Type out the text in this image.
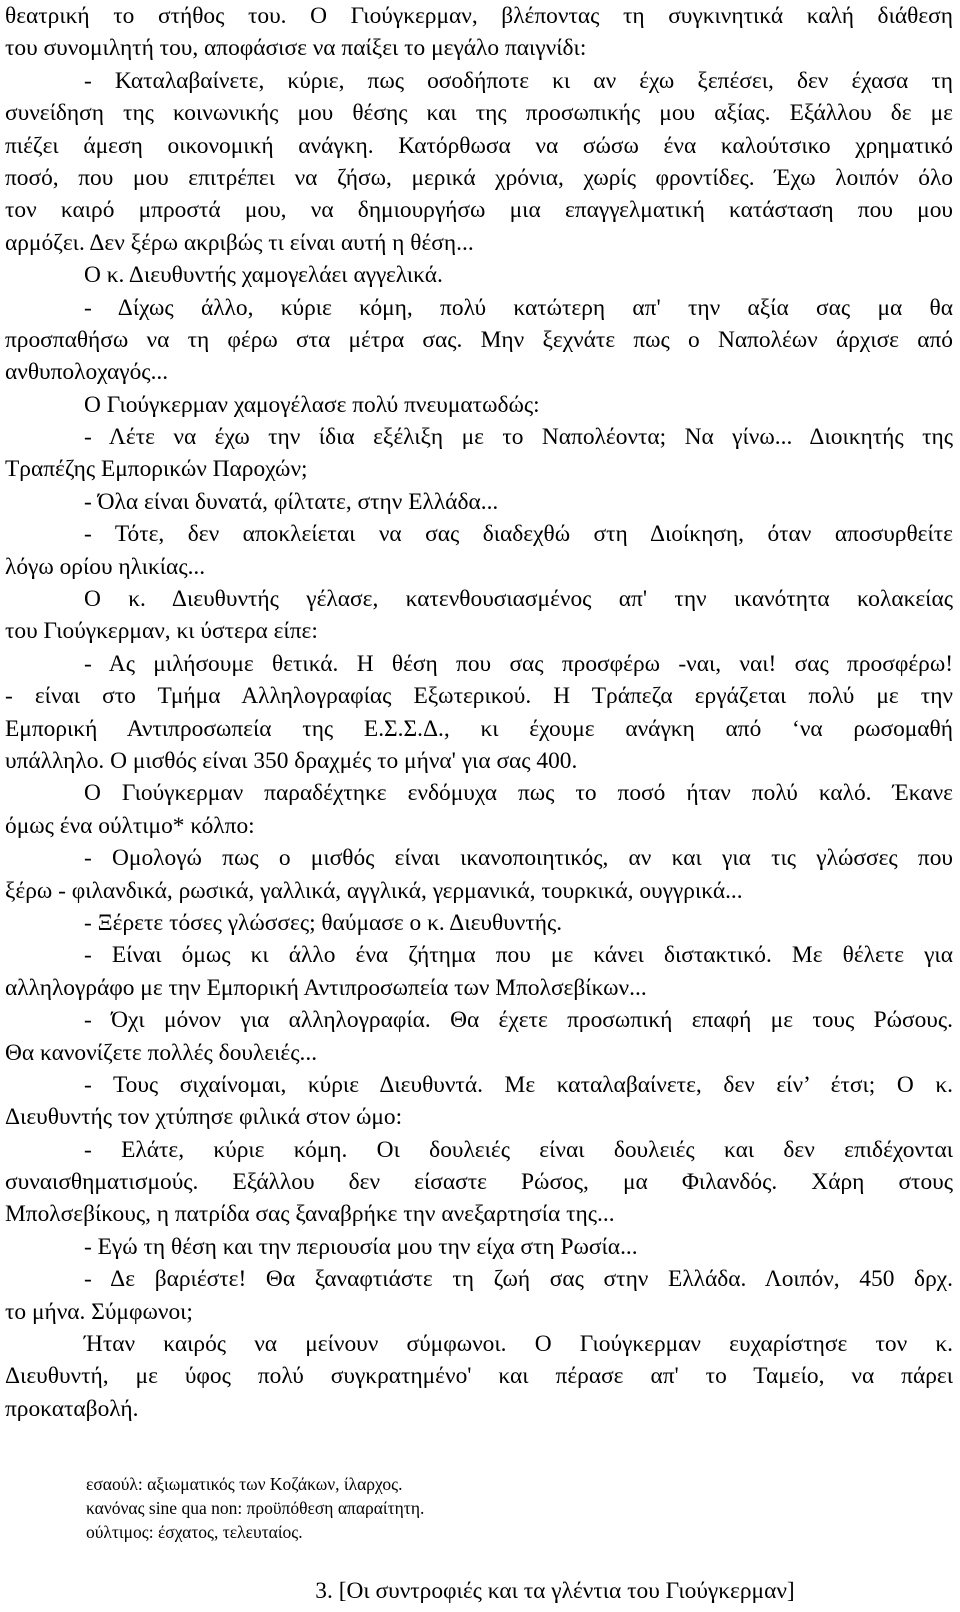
θεατρική το στήθος του. Ο Γιούγκερμαν, βλέποντας τη συγκινητικά καλή διάθεση
του συνομιλητή του, αποφάσισε να παίξει το μεγάλο παιγνίδι:
- Καταλαβαίνετε, κύριε, πως οσοδήποτε κι αν έχω ξεπέσει, δεν έχασα τη
συνείδηση της κοινωνικής μου θέσης και της προσωπικής μου αξίας. Εξάλλου δε με
πιέζει άμεση οικονομική ανάγκη. Κατόρθωσα να σώσω ένα καλούτσικο χρηματικό
ποσό, που μου επιτρέπει να ζήσω, μερικά χρόνια, χωρίς φροντίδες. Έχω λοιπόν όλο
τον καιρό μπροστά μου, να δημιουργήσω μια επαγγελματική κατάσταση που μου
αρμόζει. Δεν ξέρω ακριβώς τι είναι αυτή η θέση...
Ο κ. Διευθυντής χαμογελάει αγγελικά.
- Δίχως άλλο, κύριε κόμη, πολύ κατώτερη απ' την αξία σας μα θα
προσπαθήσω να τη φέρω στα μέτρα σας. Μην ξεχνάτε πως ο Ναπολέων άρχισε από
ανθυπολοχαγός...
Ο Γιούγκερμαν χαμογέλασε πολύ πνευματωδώς:
- Λέτε να έχω την ίδια εξέλιξη με το Ναπολέοντα; Να γίνω... Διοικητής της
Τραπέζης Εμπορικών Παροχών;
- Όλα είναι δυνατά, φίλτατε, στην Ελλάδα...
- Τότε, δεν αποκλείεται να σας διαδεχθώ στη Διοίκηση, όταν αποσυρθείτε
λόγω ορίου ηλικίας...
Ο κ. Διευθυντής γέλασε, κατενθουσιασμένος απ' την ικανότητα κολακείας
του Γιούγκερμαν, κι ύστερα είπε:
- Ας μιλήσουμε θετικά. Η θέση που σας προσφέρω -ναι, ναι! σας προσφέρω!
- είναι στο Τμήμα Αλληλογραφίας Εξωτερικού. Η Τράπεζα εργάζεται πολύ με την
Εμπορική Αντιπροσωπεία της Ε.Σ.Σ.Δ., κι έχουμε ανάγκη από ‘να ρωσομαθή
υπάλληλο. Ο μισθός είναι 350 δραχμές το μήνα' για σας 400.
Ο Γιούγκερμαν παραδέχτηκε ενδόμυχα πως το ποσό ήταν πολύ καλό. Έκανε
όμως ένα ούλτιμο* κόλπο:
- Ομολογώ πως ο μισθός είναι ικανοποιητικός, αν και για τις γλώσσες που
ξέρω - φιλανδικά, ρωσικά, γαλλικά, αγγλικά, γερμανικά, τουρκικά, ουγγρικά...
- Ξέρετε τόσες γλώσσες; θαύμασε ο κ. Διευθυντής.
- Είναι όμως κι άλλο ένα ζήτημα που με κάνει διστακτικό. Με θέλετε για
αλληλογράφο με την Εμπορική Αντιπροσωπεία των Μπολσεβίκων...
- Όχι μόνον για αλληλογραφία. Θα έχετε προσωπική επαφή με τους Ρώσους.
Θα κανονίζετε πολλές δουλειές...
- Τους σιχαίνομαι, κύριε Διευθυντά. Με καταλαβαίνετε, δεν είν’ έτσι; Ο κ.
Διευθυντής τον χτύπησε φιλικά στον ώμο:
- Ελάτε, κύριε κόμη. Οι δουλειές είναι δουλειές και δεν επιδέχονται
συναισθηματισμούς. Εξάλλου δεν είσαστε Ρώσος, μα Φιλανδός. Χάρη στους
Μπολσεβίκους, η πατρίδα σας ξαναβρήκε την ανεξαρτησία της...
- Εγώ τη θέση και την περιουσία μου την είχα στη Ρωσία...
- Δε βαριέστε! Θα ξαναφτιάστε τη ζωή σας στην Ελλάδα. Λοιπόν, 450 δρχ.
το μήνα. Σύμφωνοι;
Ήταν καιρός να μείνουν σύμφωνοι. Ο Γιούγκερμαν ευχαρίστησε τον κ.
Διευθυντή, με ύφος πολύ συγκρατημένο' και πέρασε απ' το Ταμείο, να πάρει
προκαταβολή.
εσαούλ: αξιωματικός των Κοζάκων, ίλαρχος.
κανόνας sine qua non: προϋπόθεση απαραίτητη.
ούλτιμος: έσχατος, τελευταίος.
3. [Οι συντροφιές και τα γλέντια του Γιούγκερμαν]
